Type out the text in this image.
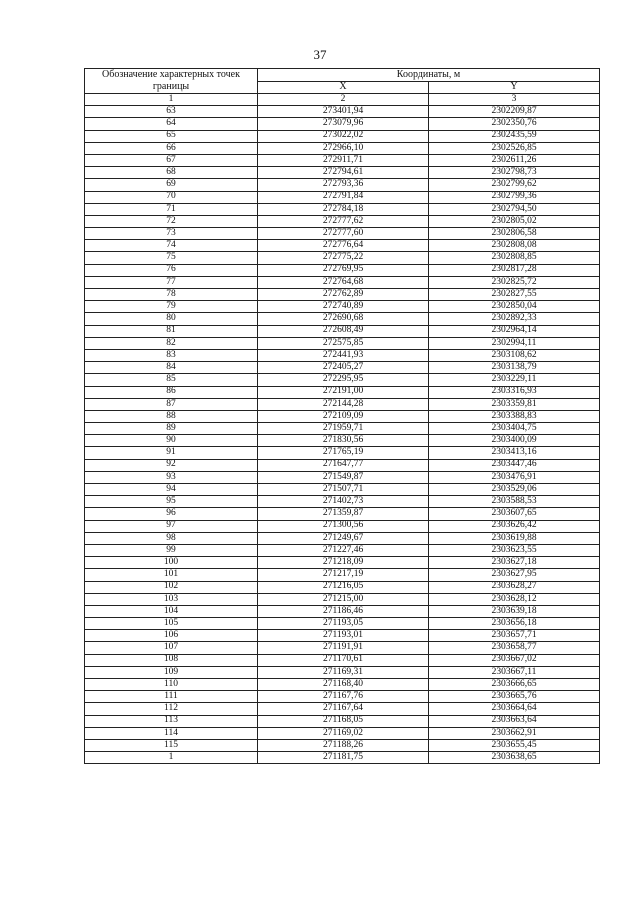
37
Обозначение характерных точек границы	Координаты, м	
	X	Y
1	2	3
63	273401,94	2302209,87
64	273079,96	2302350,76
65	273022,02	2302435,59
66	272966,10	2302526,85
67	272911,71	2302611,26
68	272794,61	2302798,73
69	272793,36	2302799,62
70	272791,84	2302799,36
71	272784,18	2302794,50
72	272777,62	2302805,02
73	272777,60	2302806,58
74	272776,64	2302808,08
75	272775,22	2302808,85
76	272769,95	2302817,28
77	272764,68	2302825,72
78	272762,89	2302827,55
79	272740,89	2302850,04
80	272690,68	2302892,33
81	272608,49	2302964,14
82	272575,85	2302994,11
83	272441,93	2303108,62
84	272405,27	2303138,79
85	272295,95	2303229,11
86	272191,00	2303316,93
87	272144,28	2303359,81
88	272109,09	2303388,83
89	271959,71	2303404,75
90	271830,56	2303400,09
91	271765,19	2303413,16
92	271647,77	2303447,46
93	271549,87	2303476,91
94	271507,71	2303529,06
95	271402,73	2303588,53
96	271359,87	2303607,65
97	271300,56	2303626,42
98	271249,67	2303619,88
99	271227,46	2303623,55
100	271218,09	2303627,18
101	271217,19	2303627,95
102	271216,05	2303628,27
103	271215,00	2303628,12
104	271186,46	2303639,18
105	271193,05	2303656,18
106	271193,01	2303657,71
107	271191,91	2303658,77
108	271170,61	2303667,02
109	271169,31	2303667,11
110	271168,40	2303666,65
111	271167,76	2303665,76
112	271167,64	2303664,64
113	271168,05	2303663,64
114	271169,02	2303662,91
115	271188,26	2303655,45
1	271181,75	2303638,65
